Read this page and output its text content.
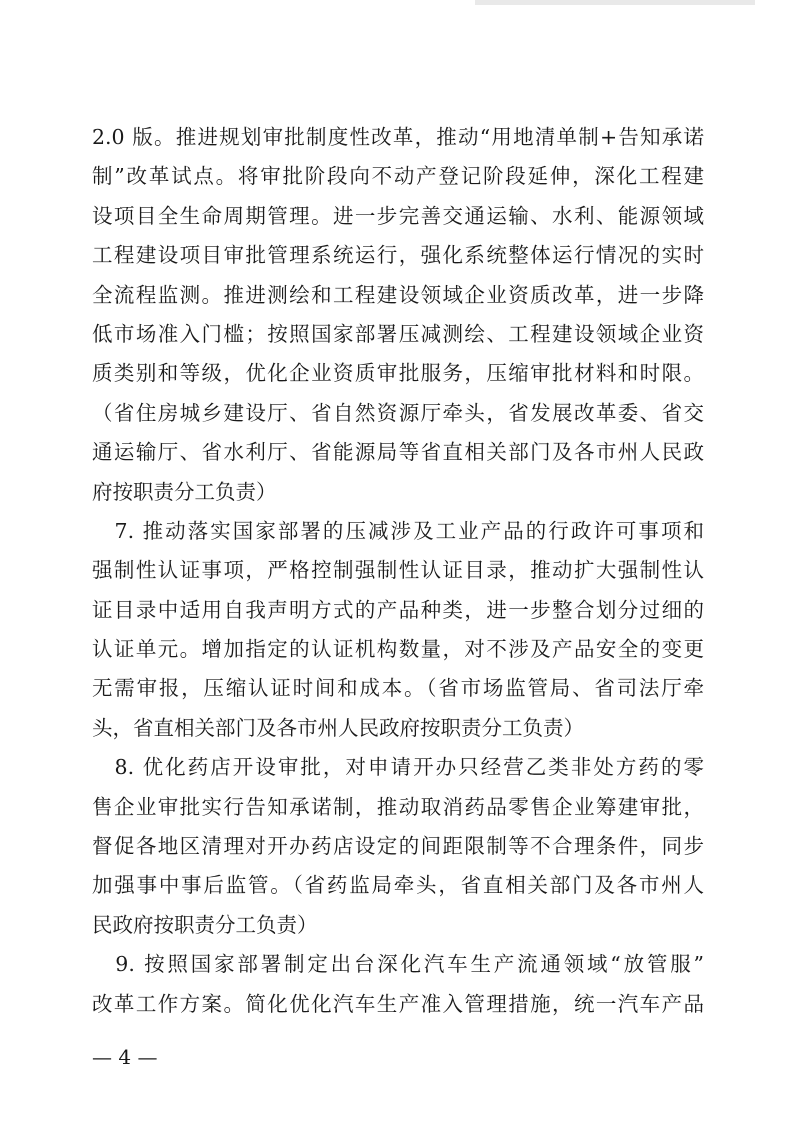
2.0 版。推进规划审批制度性改革，推动“用地清单制+告知承诺
制”改革试点。将审批阶段向不动产登记阶段延伸，深化工程建
设项目全生命周期管理。进一步完善交通运输、水利、能源领域
工程建设项目审批管理系统运行，强化系统整体运行情况的实时
全流程监测。推进测绘和工程建设领域企业资质改革，进一步降
低市场准入门槛；按照国家部署压减测绘、工程建设领域企业资
质类别和等级，优化企业资质审批服务，压缩审批材料和时限。
（省住房城乡建设厅、省自然资源厅牵头，省发展改革委、省交
通运输厅、省水利厅、省能源局等省直相关部门及各市州人民政
府按职责分工负责）
　7. 推动落实国家部署的压减涉及工业产品的行政许可事项和
强制性认证事项，严格控制强制性认证目录，推动扩大强制性认
证目录中适用自我声明方式的产品种类，进一步整合划分过细的
认证单元。增加指定的认证机构数量，对不涉及产品安全的变更
无需审报，压缩认证时间和成本。（省市场监管局、省司法厅牵
头，省直相关部门及各市州人民政府按职责分工负责）
　8. 优化药店开设审批，对申请开办只经营乙类非处方药的零
售企业审批实行告知承诺制，推动取消药品零售企业筹建审批，
督促各地区清理对开办药店设定的间距限制等不合理条件，同步
加强事中事后监管。（省药监局牵头，省直相关部门及各市州人
民政府按职责分工负责）
　9. 按照国家部署制定出台深化汽车生产流通领域“放管服”
改革工作方案。简化优化汽车生产准入管理措施，统一汽车产品
— 4 —
